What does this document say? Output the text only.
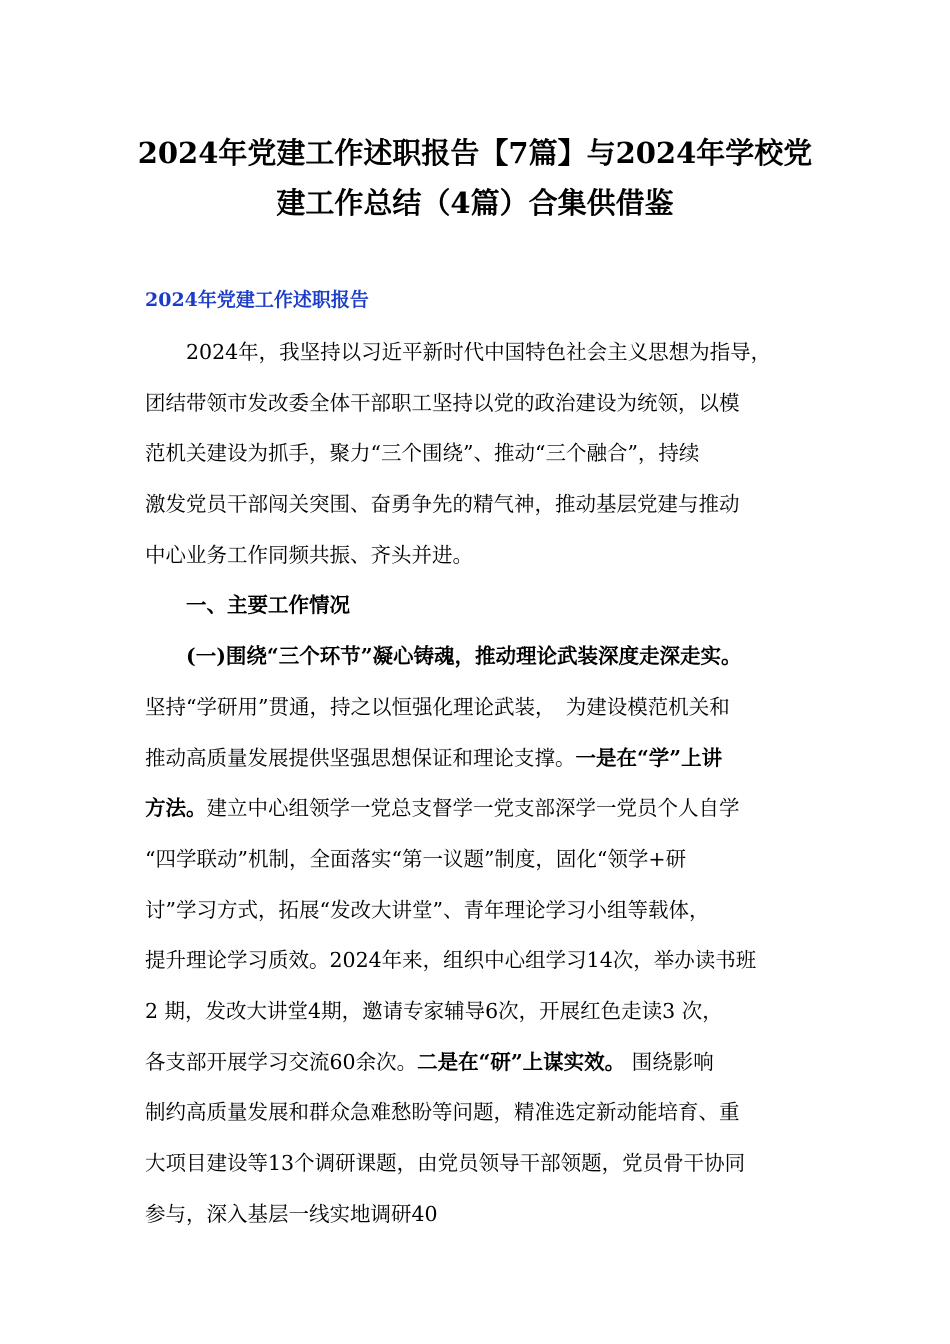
2024年党建工作述职报告【7篇】与2024年学校党
建工作总结（4篇）合集供借鉴
2024年党建工作述职报告
2024年，我坚持以习近平新时代中国特色社会主义思想为指导，
团结带领市发改委全体干部职工坚持以党的政治建设为统领，以模
范机关建设为抓手，聚力“三个围绕”、推动“三个融合”，持续
激发党员干部闯关突围、奋勇争先的精气神，推动基层党建与推动
中心业务工作同频共振、齐头并进。
一、主要工作情况
(一)围绕“三个环节”凝心铸魂，推动理论武装深度走深走实。
坚持“学研用”贯通，持之以恒强化理论武装，　为建设模范机关和
推动高质量发展提供坚强思想保证和理论支撑。一是在“学”上讲
方法。建立中心组领学一党总支督学一党支部深学一党员个人自学
“四学联动”机制，全面落实“第一议题”制度，固化“领学+研
讨”学习方式，拓展“发改大讲堂”、青年理论学习小组等载体，
提升理论学习质效。2024年来，组织中心组学习14次，举办读书班
2 期，发改大讲堂4期，邀请专家辅导6次，开展红色走读3 次，
各支部开展学习交流60余次。二是在“研”上谋实效。 围绕影响
制约高质量发展和群众急难愁盼等问题，精准选定新动能培育、重
大项目建设等13个调研课题，由党员领导干部领题，党员骨干协同
参与，深入基层一线实地调研40
